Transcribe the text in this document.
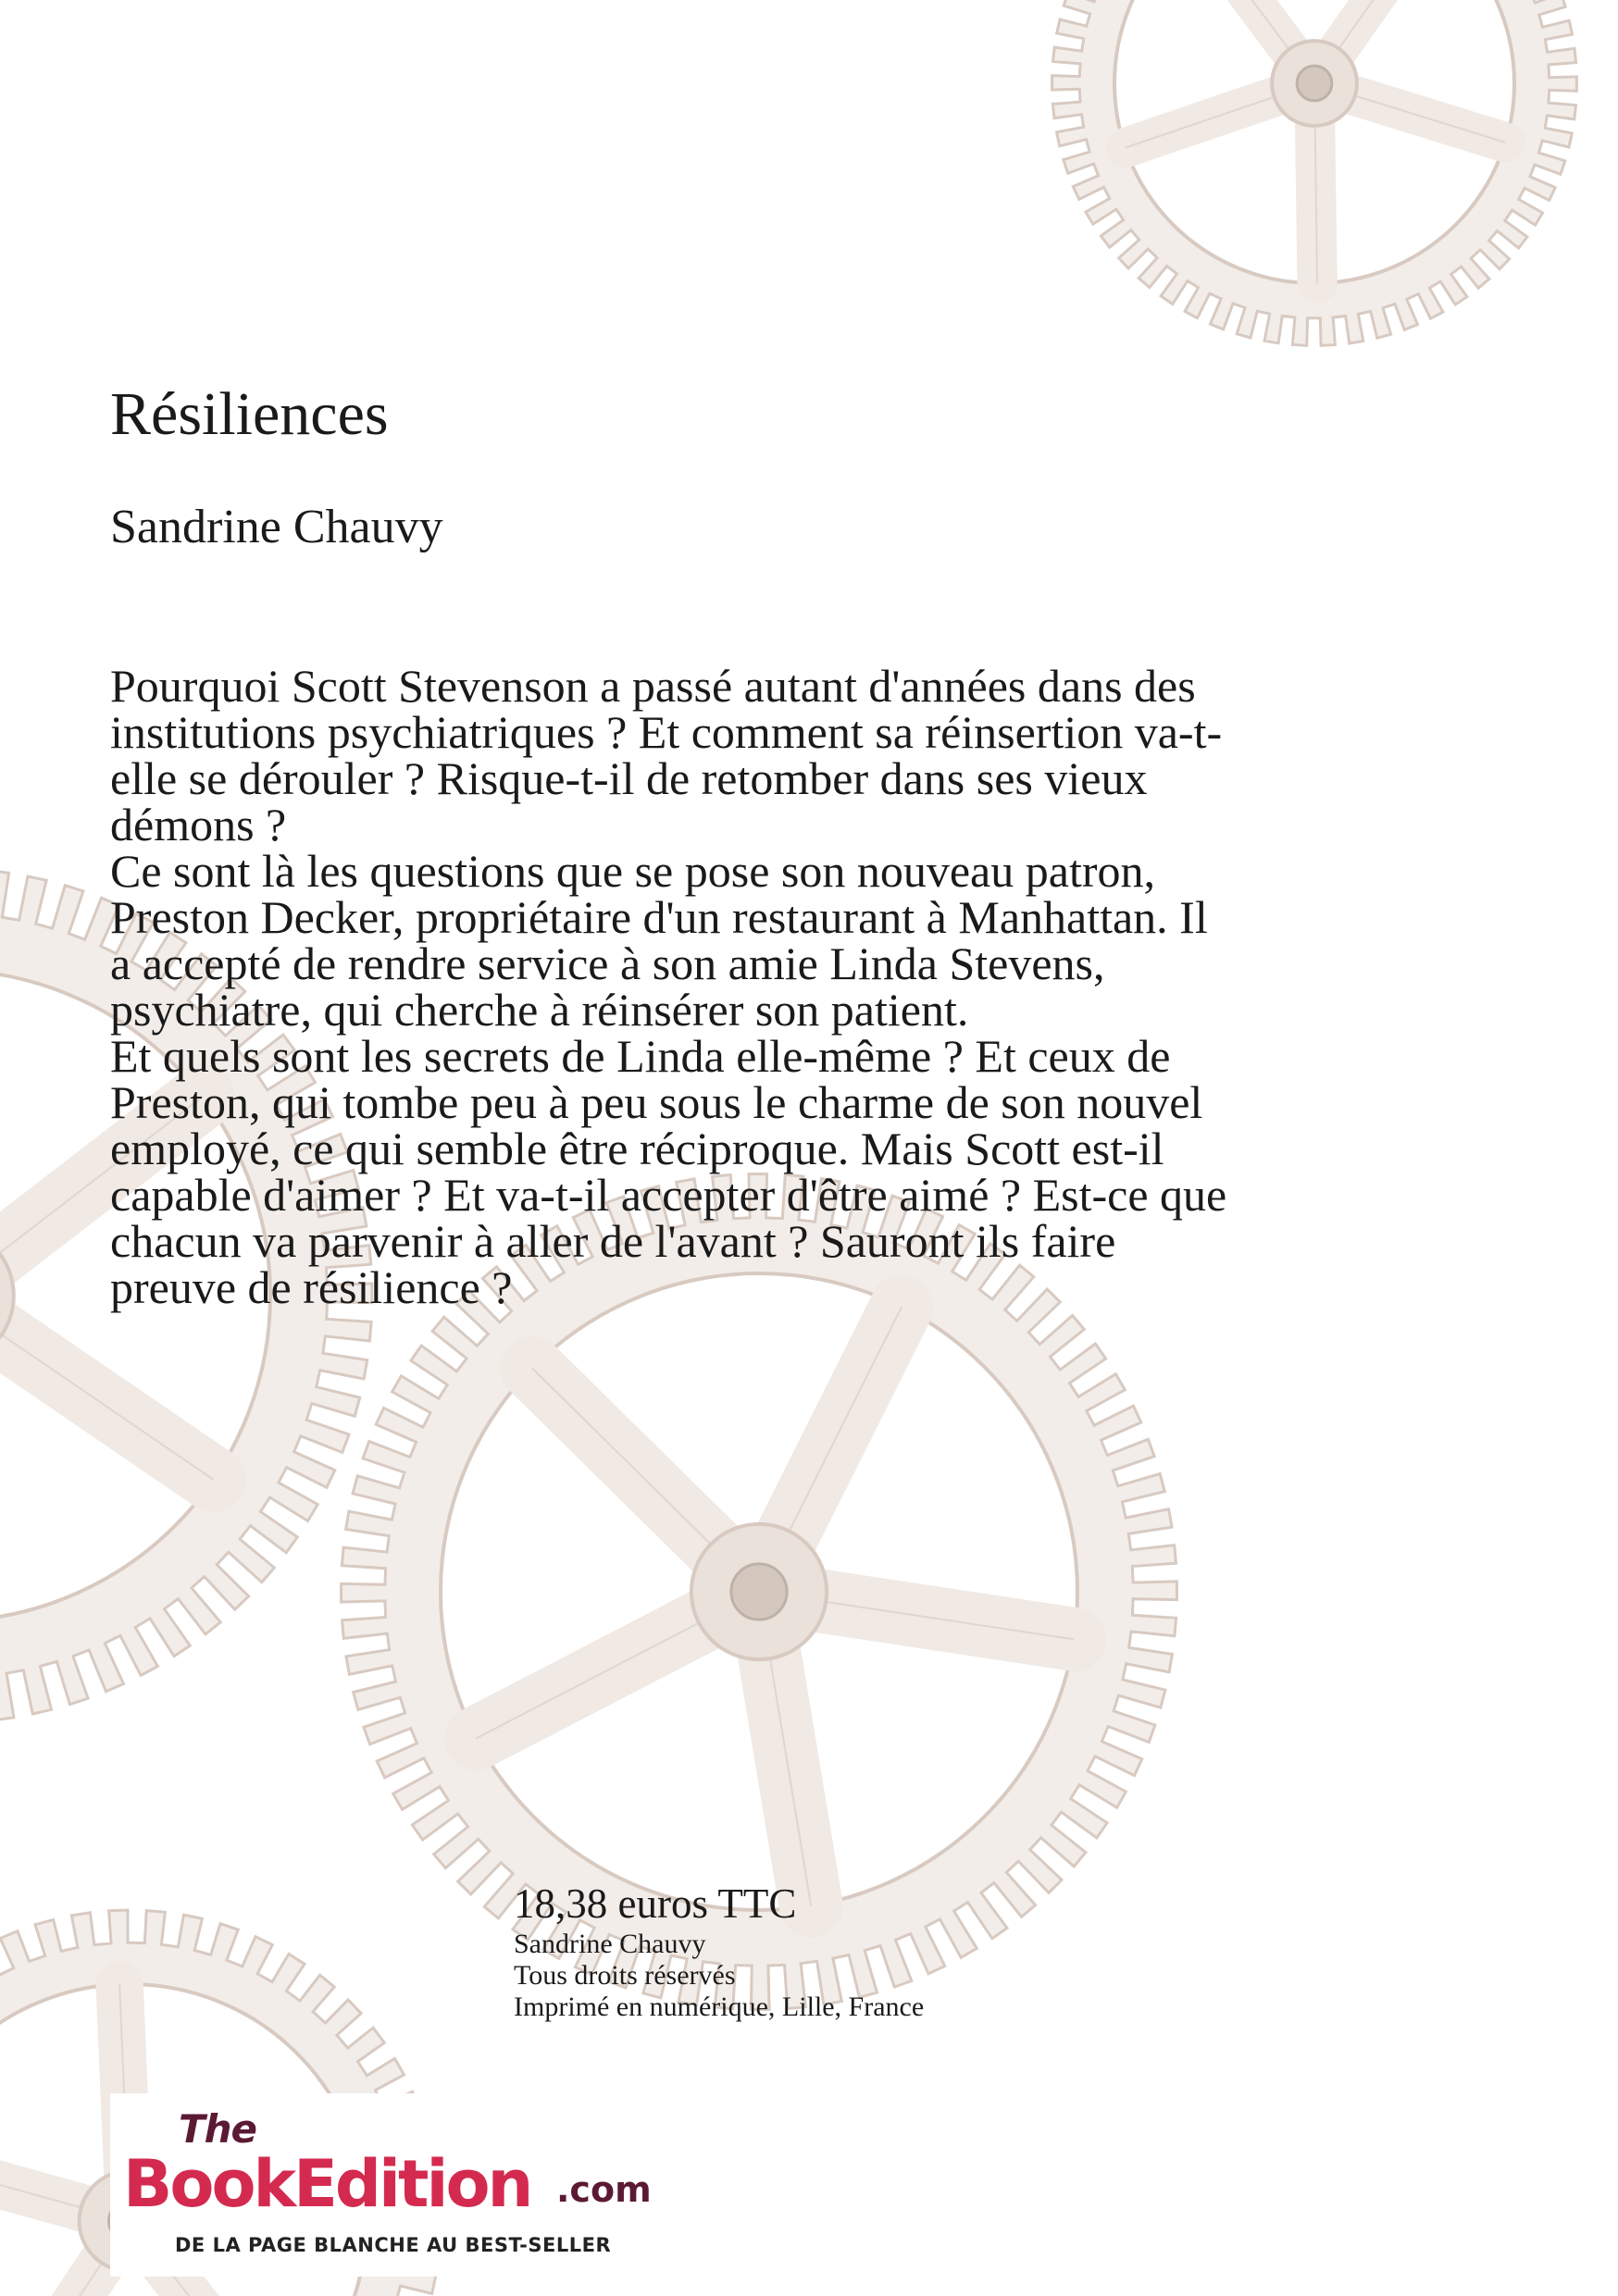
Résiliences
Sandrine Chauvy

Pourquoi Scott Stevenson a passé autant d'années dans des institutions psychiatriques ? Et comment sa réinsertion va-t-elle se dérouler ? Risque-t-il de retomber dans ses vieux démons ?

Ce sont là les questions que se pose son nouveau patron, Preston Decker, propriétaire d'un restaurant à Manhattan. Il a accepté de rendre service à son amie Linda Stevens, psychiatre, qui cherche à réinsérer son patient.

Et quels sont les secrets de Linda elle-même ? Et ceux de Preston, qui tombe peu à peu sous le charme de son nouvel employé, ce qui semble être réciproque. Mais Scott est-il capable d'aimer ? Et va-t-il accepter d'être aimé ? Est-ce que chacun va parvenir à aller de l'avant ? Sauront ils faire preuve de résilience ?

18,38 euros TTC
Sandrine Chauvy
Tous droits réservés
Imprimé en numérique, Lille, France
The
BookEdition .com
DE LA PAGE BLANCHE AU BEST-SELLER
